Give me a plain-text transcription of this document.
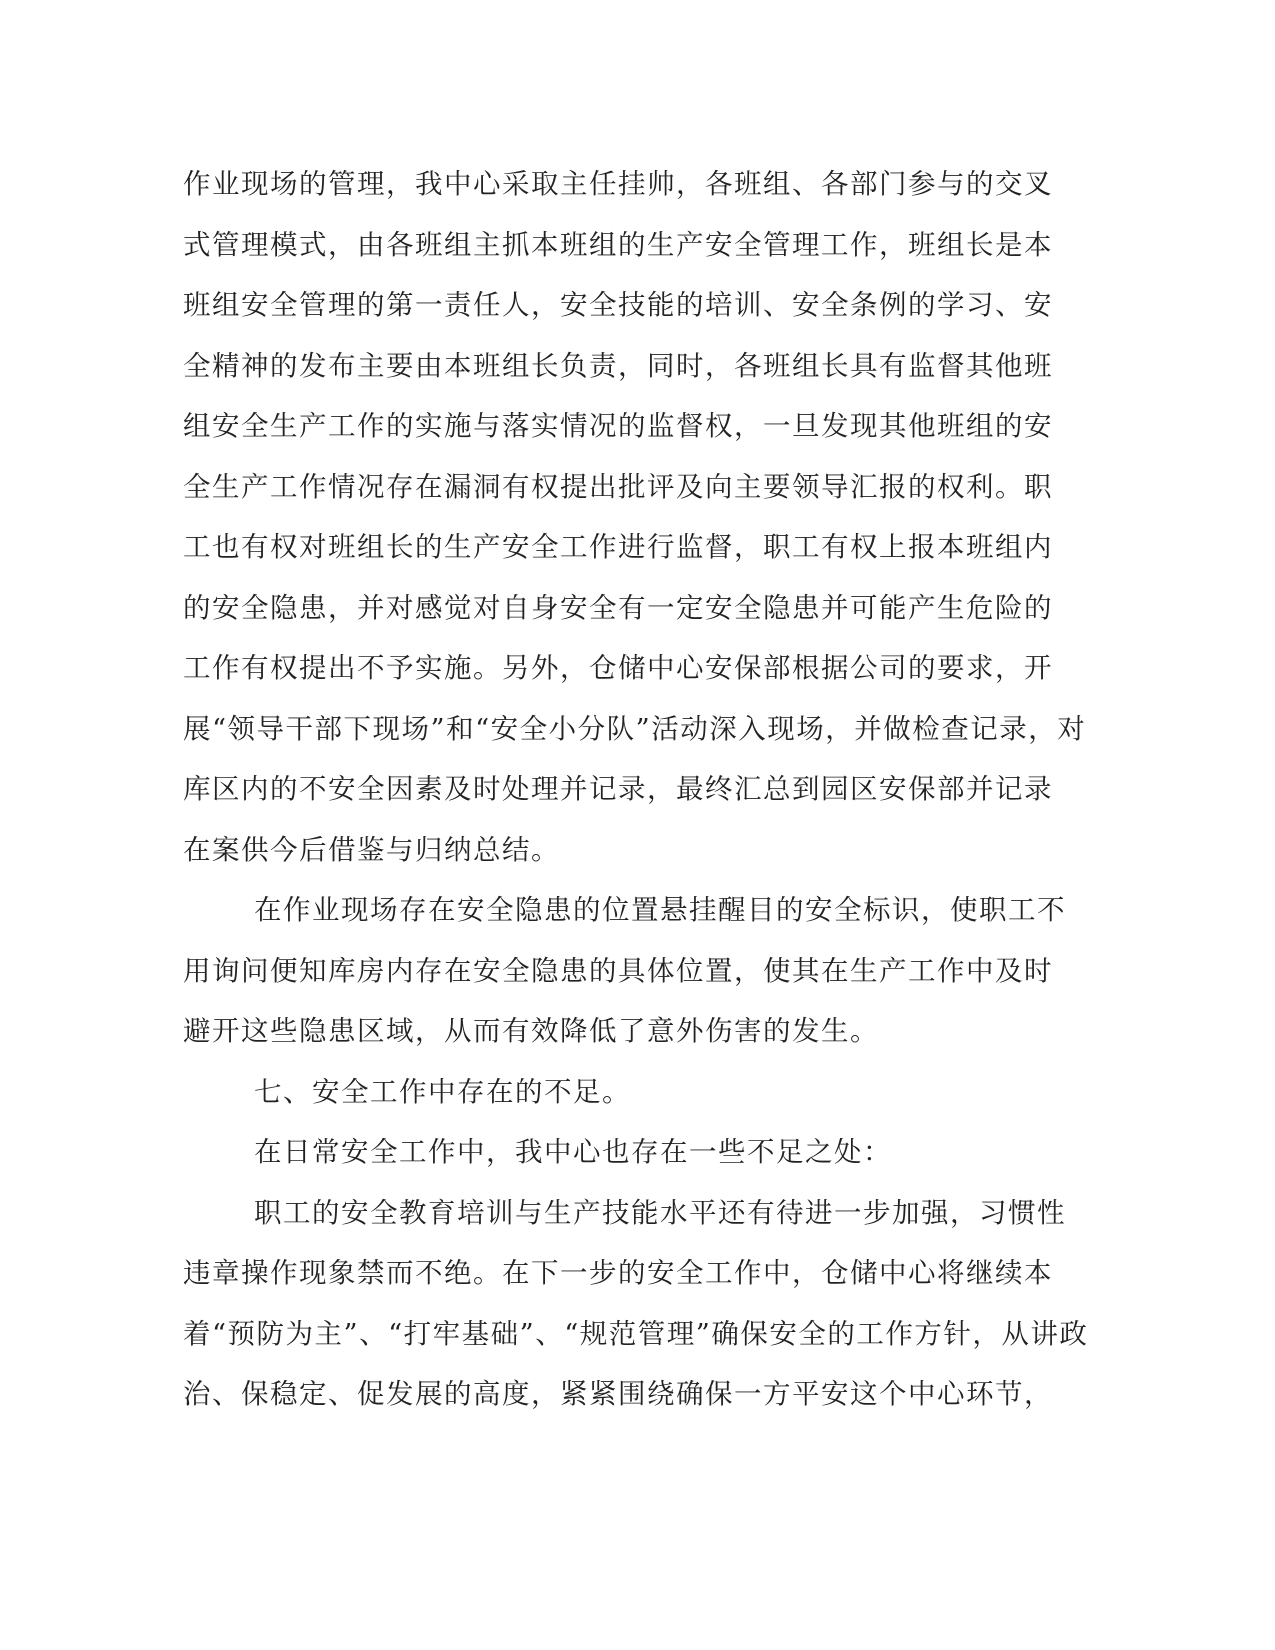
作业现场的管理，我中心采取主任挂帅，各班组、各部门参与的交叉
式管理模式，由各班组主抓本班组的生产安全管理工作，班组长是本
班组安全管理的第一责任人，安全技能的培训、安全条例的学习、安
全精神的发布主要由本班组长负责，同时，各班组长具有监督其他班
组安全生产工作的实施与落实情况的监督权，一旦发现其他班组的安
全生产工作情况存在漏洞有权提出批评及向主要领导汇报的权利。职
工也有权对班组长的生产安全工作进行监督，职工有权上报本班组内
的安全隐患，并对感觉对自身安全有一定安全隐患并可能产生危险的
工作有权提出不予实施。另外，仓储中心安保部根据公司的要求，开
展“领导干部下现场”和“安全小分队”活动深入现场，并做检查记录，对
库区内的不安全因素及时处理并记录，最终汇总到园区安保部并记录
在案供今后借鉴与归纳总结。
在作业现场存在安全隐患的位置悬挂醒目的安全标识，使职工不
用询问便知库房内存在安全隐患的具体位置，使其在生产工作中及时
避开这些隐患区域，从而有效降低了意外伤害的发生。
七、安全工作中存在的不足。
在日常安全工作中，我中心也存在一些不足之处：
职工的安全教育培训与生产技能水平还有待进一步加强，习惯性
违章操作现象禁而不绝。在下一步的安全工作中，仓储中心将继续本
着“预防为主”、“打牢基础”、“规范管理”确保安全的工作方针，从讲政
治、保稳定、促发展的高度，紧紧围绕确保一方平安这个中心环节，
